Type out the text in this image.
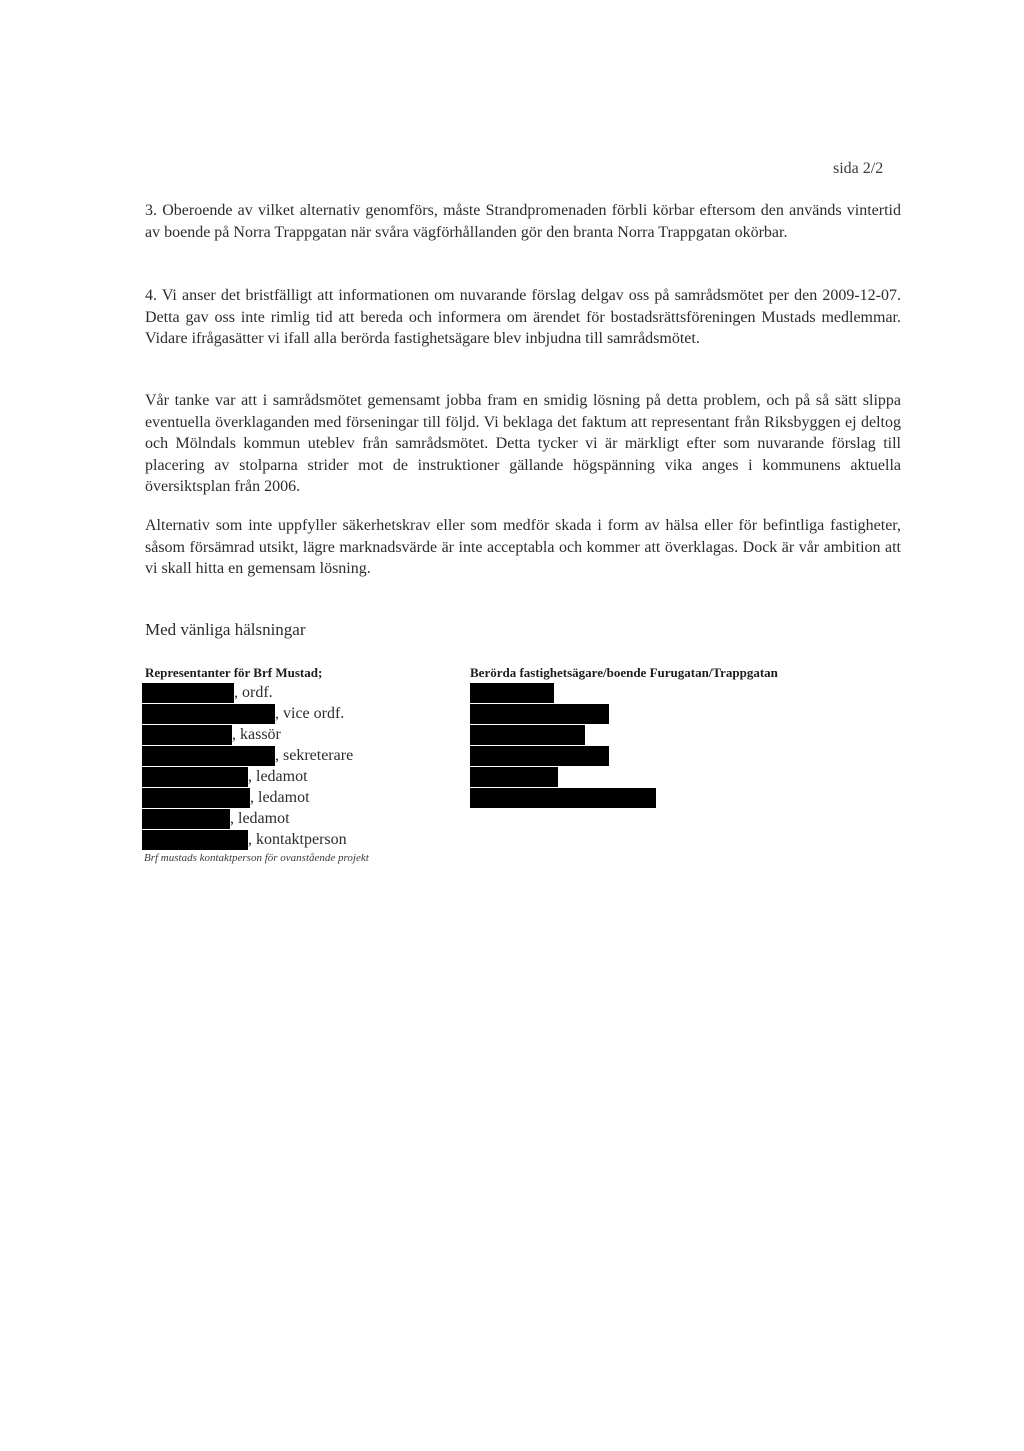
sida 2/2
3. Oberoende av vilket alternativ genomförs, måste Strandpromenaden förbli körbar eftersom den används vintertid av boende på Norra Trappgatan när svåra vägförhållanden gör den branta Norra Trappgatan okörbar.
4. Vi anser det bristfälligt att informationen om nuvarande förslag delgav oss på samrådsmötet per den 2009-12-07. Detta gav oss inte rimlig tid att bereda och informera om ärendet för bostadsrättsföreningen Mustads medlemmar. Vidare ifrågasätter vi ifall alla berörda fastighetsägare blev inbjudna till samrådsmötet.
Vår tanke var att i samrådsmötet gemensamt jobba fram en smidig lösning på detta problem, och på så sätt slippa eventuella överklaganden med förseningar till följd. Vi beklaga det faktum att representant från Riksbyggen ej deltog och Mölndals kommun uteblev från samrådsmötet. Detta tycker vi är märkligt efter som nuvarande förslag till placering av stolparna strider mot de instruktioner gällande högspänning vika anges i kommunens aktuella översiktsplan från 2006.
Alternativ som inte uppfyller säkerhetskrav eller som medför skada i form av hälsa eller för befintliga fastigheter, såsom försämrad utsikt, lägre marknadsvärde är inte acceptabla och kommer att överklagas. Dock är vår ambition att vi skall hitta en gemensam lösning.
Med vänliga hälsningar
Representanter för Brf Mustad;	Berörda fastighetsägare/boende Furugatan/Trappgatan
, ordf.
, vice ordf.
, kassör
, sekreterare
, ledamot
, ledamot
, ledamot
, kontaktperson
Brf mustads kontaktperson för ovanstående projekt
